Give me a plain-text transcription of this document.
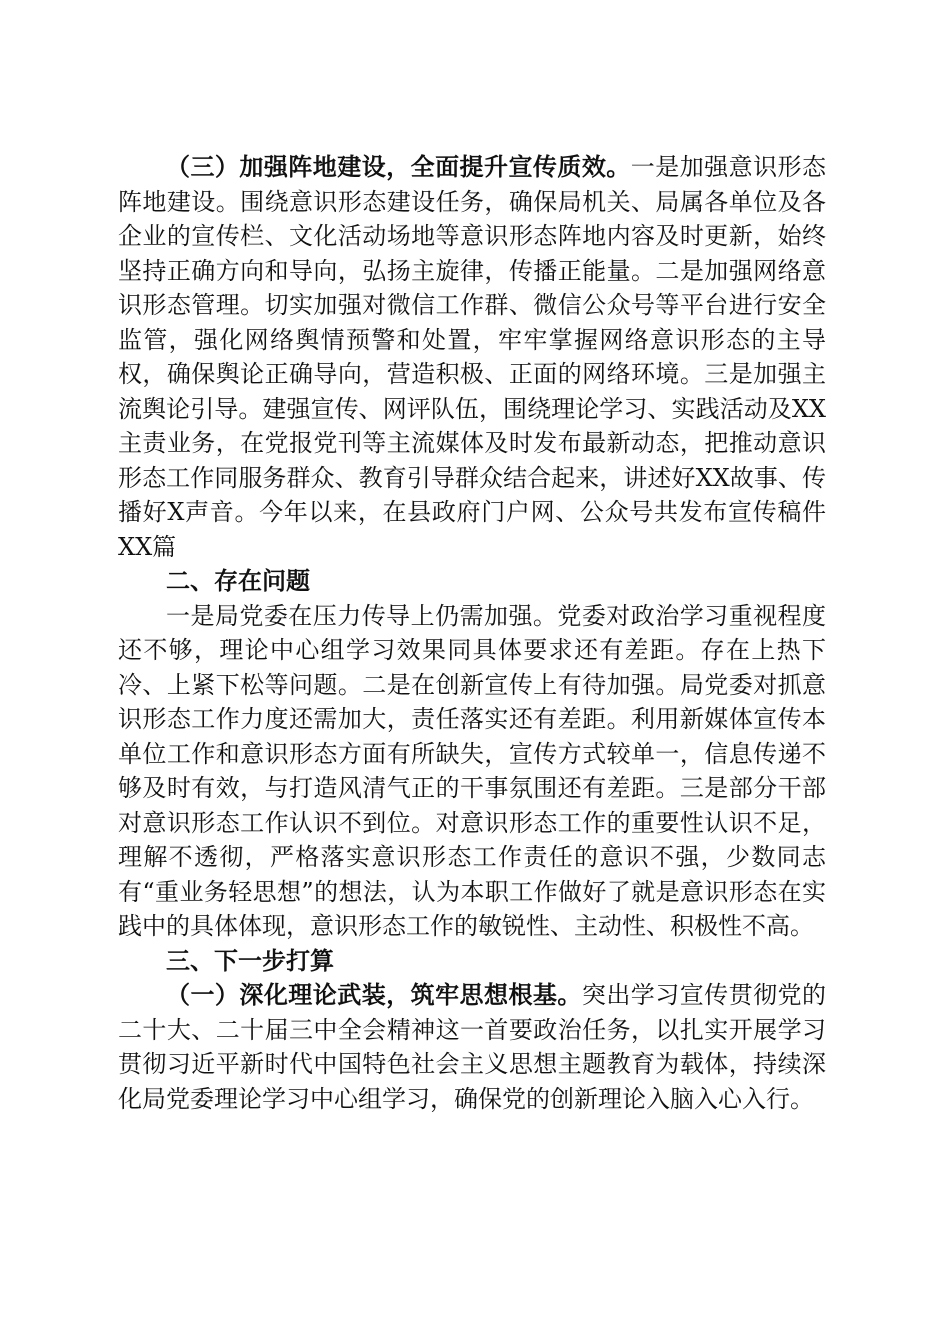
（三）加强阵地建设，全面提升宣传质效。一是加强意识形态阵地建设。围绕意识形态建设任务，确保局机关、局属各单位及各企业的宣传栏、文化活动场地等意识形态阵地内容及时更新，始终坚持正确方向和导向，弘扬主旋律，传播正能量。二是加强网络意识形态管理。切实加强对微信工作群、微信公众号等平台进行安全监管，强化网络舆情预警和处置，牢牢掌握网络意识形态的主导权，确保舆论正确导向，营造积极、正面的网络环境。三是加强主流舆论引导。建强宣传、网评队伍，围绕理论学习、实践活动及XX主责业务，在党报党刊等主流媒体及时发布最新动态，把推动意识形态工作同服务群众、教育引导群众结合起来，讲述好XX故事、传播好X声音。今年以来，在县政府门户网、公众号共发布宣传稿件XX篇

二、存在问题

一是局党委在压力传导上仍需加强。党委对政治学习重视程度还不够，理论中心组学习效果同具体要求还有差距。存在上热下冷、上紧下松等问题。二是在创新宣传上有待加强。局党委对抓意识形态工作力度还需加大，责任落实还有差距。利用新媒体宣传本单位工作和意识形态方面有所缺失，宣传方式较单一，信息传递不够及时有效，与打造风清气正的干事氛围还有差距。三是部分干部对意识形态工作认识不到位。对意识形态工作的重要性认识不足，理解不透彻，严格落实意识形态工作责任的意识不强，少数同志有“重业务轻思想”的想法，认为本职工作做好了就是意识形态在实践中的具体体现，意识形态工作的敏锐性、主动性、积极性不高。

三、下一步打算

（一）深化理论武装，筑牢思想根基。突出学习宣传贯彻党的二十大、二十届三中全会精神这一首要政治任务，以扎实开展学习贯彻习近平新时代中国特色社会主义思想主题教育为载体，持续深化局党委理论学习中心组学习，确保党的创新理论入脑入心入行。
